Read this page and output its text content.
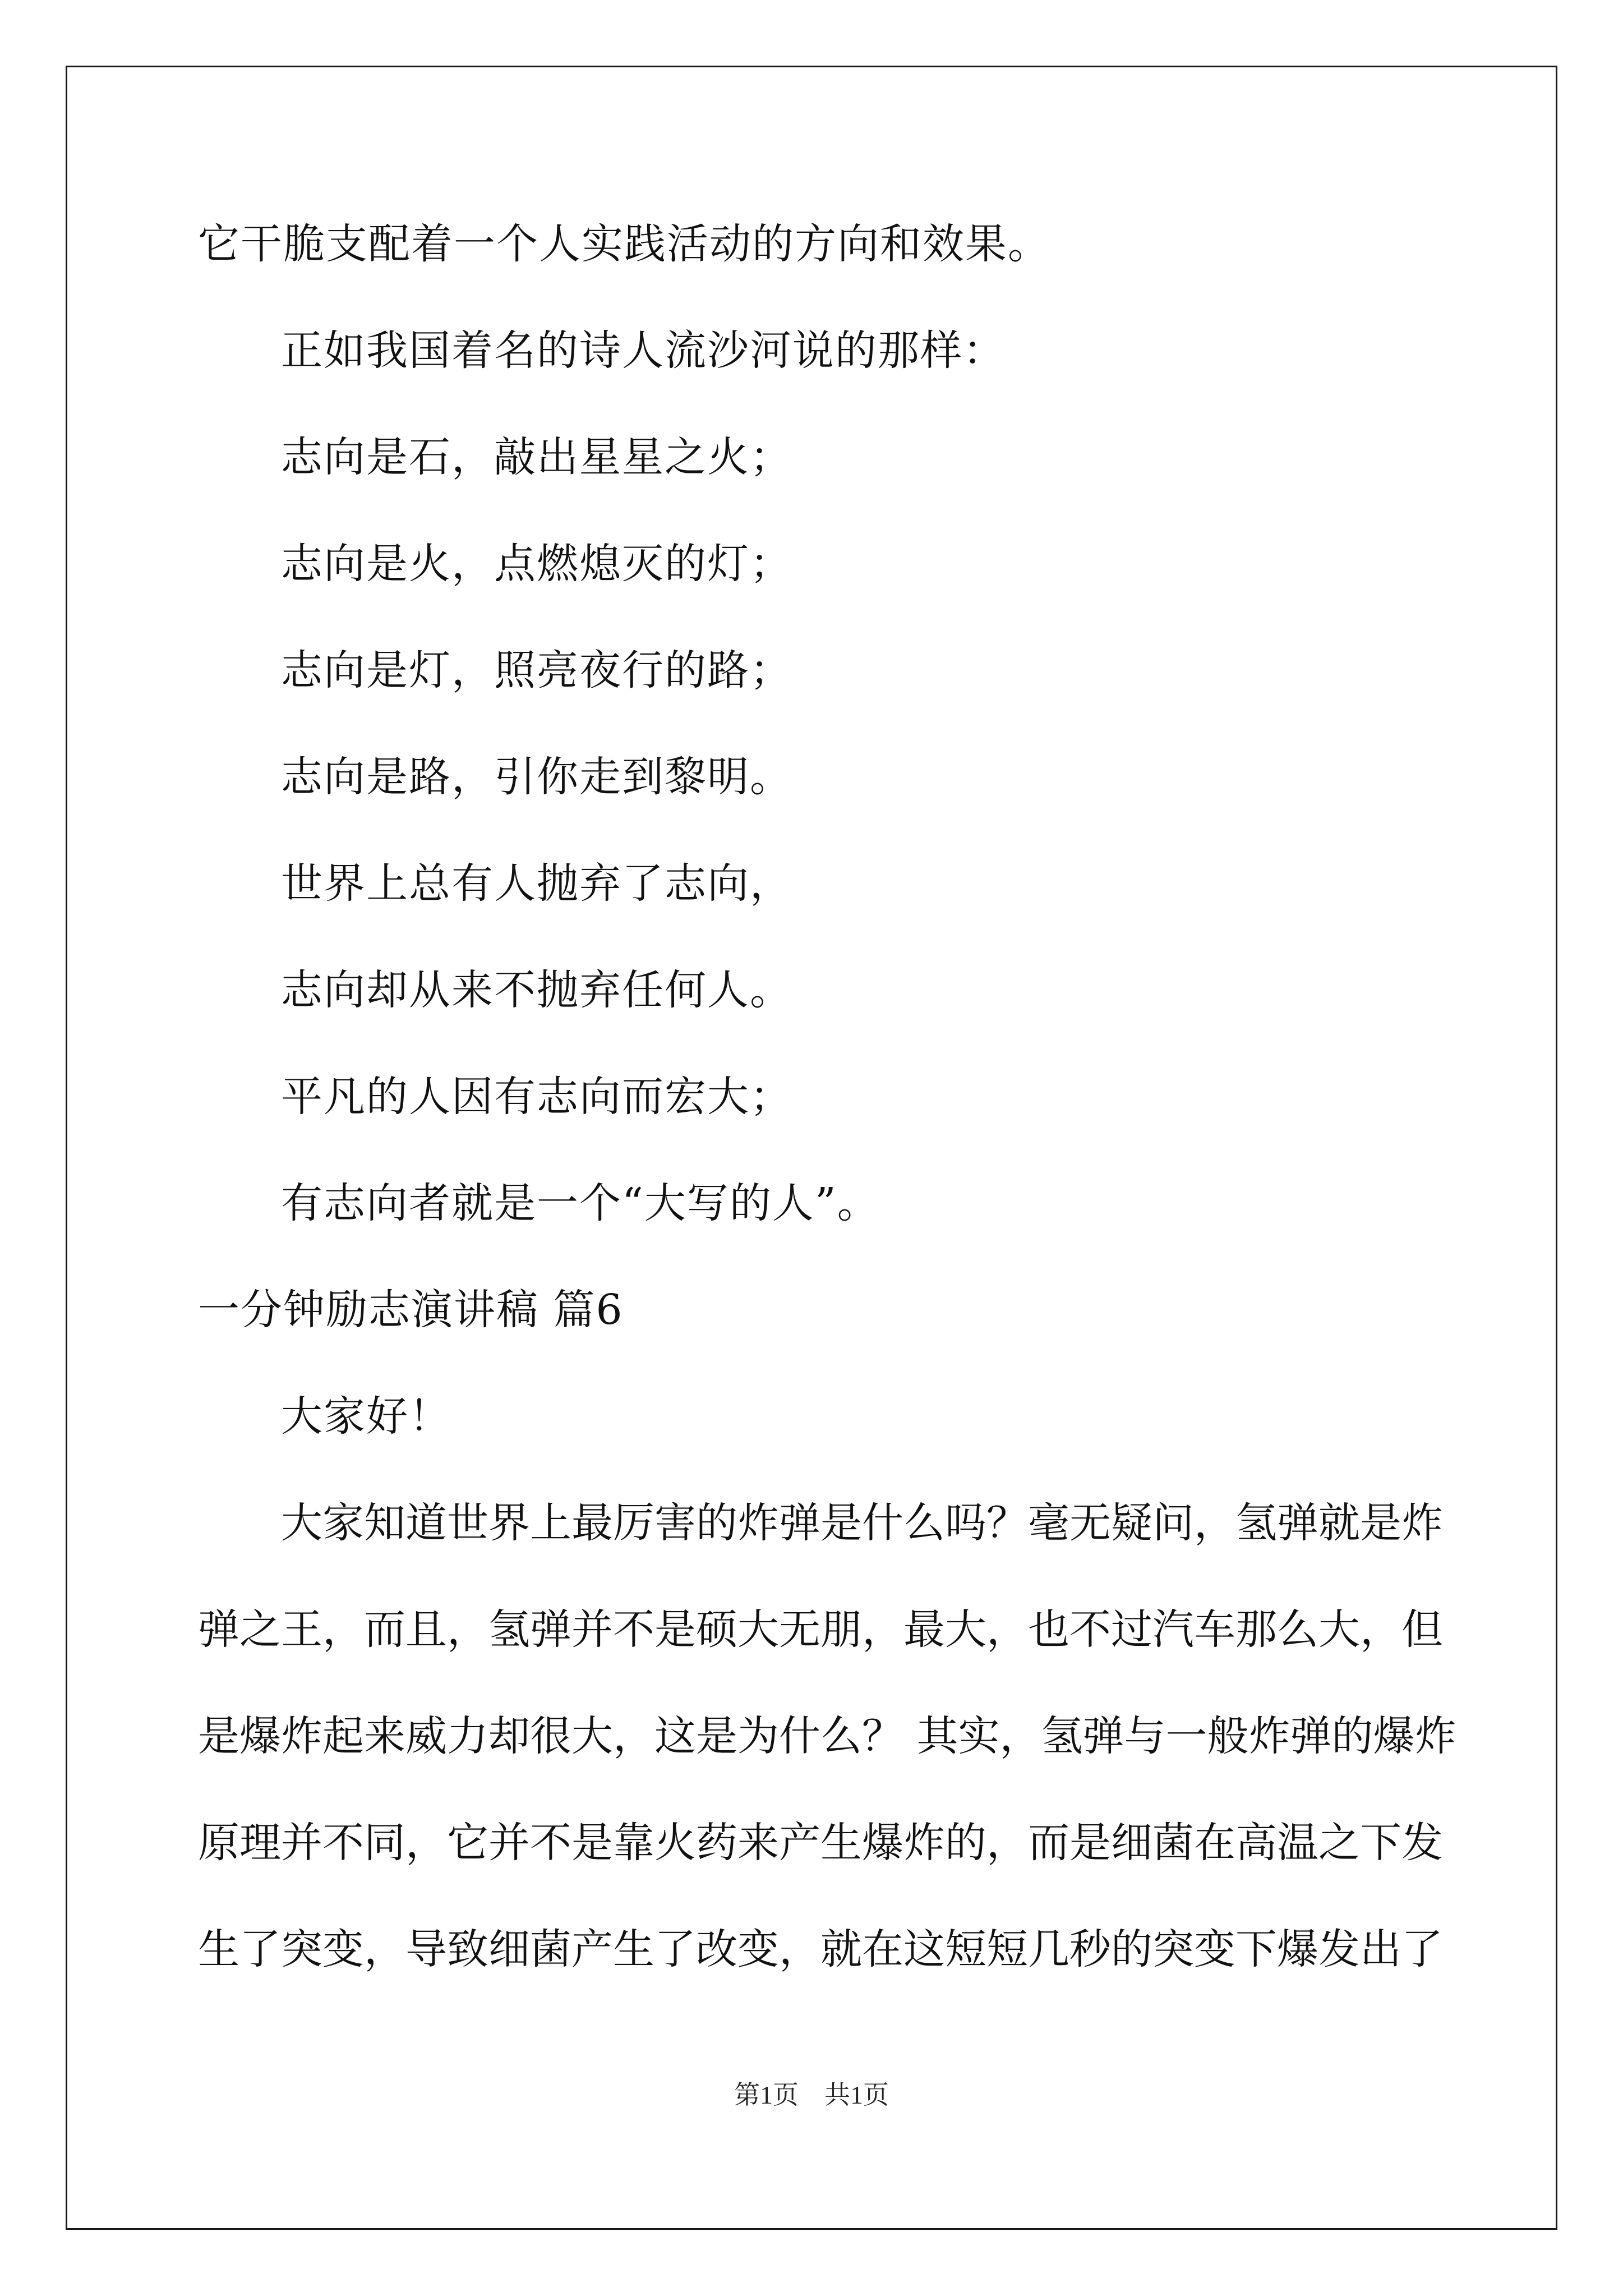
它干脆支配着一个人实践活动的方向和效果。
正如我国着名的诗人流沙河说的那样：
志向是石，敲出星星之火；
志向是火，点燃熄灭的灯；
志向是灯，照亮夜行的路；
志向是路，引你走到黎明。
世界上总有人抛弃了志向，
志向却从来不抛弃任何人。
平凡的人因有志向而宏大；
有志向者就是一个“大写的人”。
一分钟励志演讲稿 篇6
大家好！
大家知道世界上最厉害的炸弹是什么吗？毫无疑问，氢弹就是炸
弹之王，而且，氢弹并不是硕大无朋，最大，也不过汽车那么大，但
是爆炸起来威力却很大，这是为什么？ 其实，氢弹与一般炸弹的爆炸
原理并不同，它并不是靠火药来产生爆炸的，而是细菌在高温之下发
生了突变，导致细菌产生了改变，就在这短短几秒的突变下爆发出了
第1页　共1页
